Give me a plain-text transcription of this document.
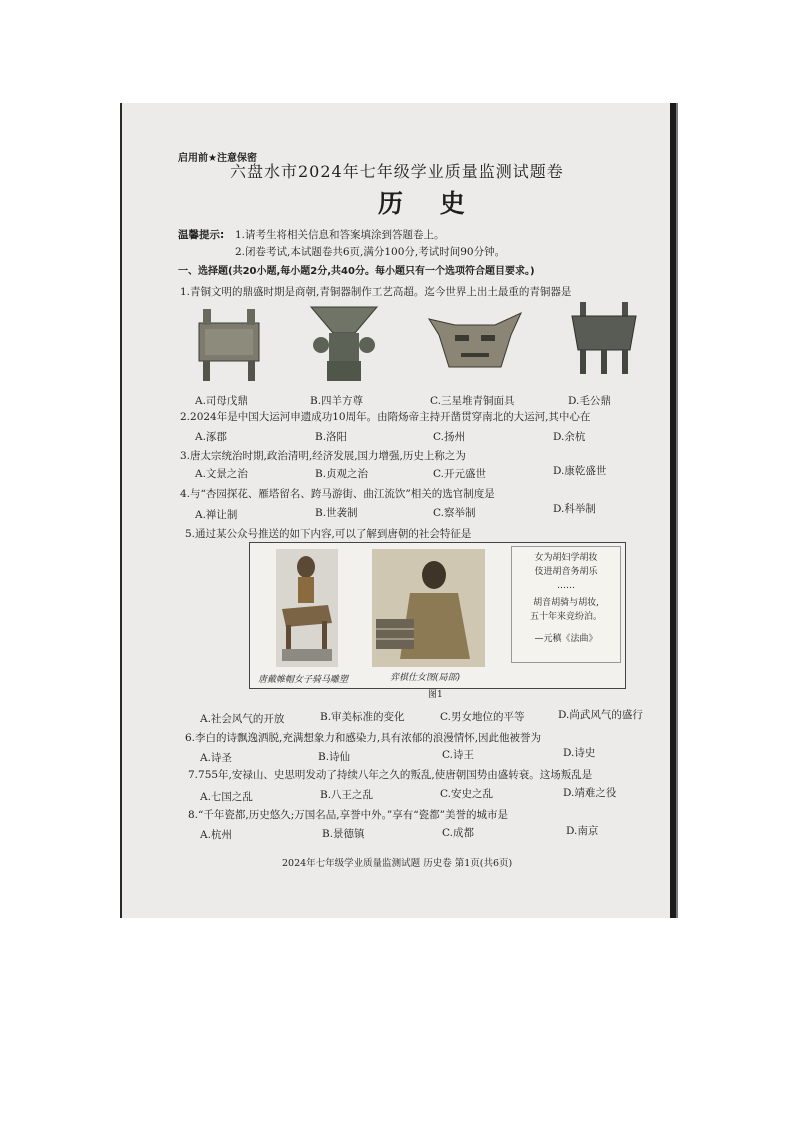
启用前★注意保密
六盘水市2024年七年级学业质量监测试题卷
历 史
温馨提示: 1.请考生将相关信息和答案填涂到答题卷上。
2.闭卷考试,本试题卷共6页,满分100分,考试时间90分钟。
一、选择题(共20小题,每小题2分,共40分。每小题只有一个选项符合题目要求。)
1.青铜文明的鼎盛时期是商朝,青铜器制作工艺高超。迄今世界上出土最重的青铜器是
A.司母戊鼎	B.四羊方尊	C.三星堆青铜面具	D.毛公鼎
2.2024年是中国大运河申遗成功10周年。由隋炀帝主持开凿贯穿南北的大运河,其中心在
A.涿郡	B.洛阳	C.扬州	D.余杭
3.唐太宗统治时期,政治清明,经济发展,国力增强,历史上称之为
A.文景之治	B.贞观之治	C.开元盛世	D.康乾盛世
4.与“杏园探花、雁塔留名、跨马游街、曲江流饮”相关的选官制度是
A.禅让制	B.世袭制	C.察举制	D.科举制
5.通过某公众号推送的如下内容,可以了解到唐朝的社会特征是
唐戴帷帽女子骑马雕塑	弈棋仕女图(局部)
女为胡妇学胡妆
伎进胡音务胡乐
……
胡音胡骑与胡妆,
五十年来竞纷泊。
—元稹《法曲》
图1
A.社会风气的开放	B.审美标准的变化	C.男女地位的平等	D.尚武风气的盛行
6.李白的诗飘逸洒脱,充满想象力和感染力,具有浓郁的浪漫情怀,因此他被誉为
A.诗圣	B.诗仙	C.诗王	D.诗史
7.755年,安禄山、史思明发动了持续八年之久的叛乱,使唐朝国势由盛转衰。这场叛乱是
A.七国之乱	B.八王之乱	C.安史之乱	D.靖难之役
8.“千年瓷都,历史悠久;万国名品,享誉中外。”享有“瓷都”美誉的城市是
A.杭州	B.景德镇	C.成都	D.南京
2024年七年级学业质量监测试题 历史卷 第1页(共6页)
